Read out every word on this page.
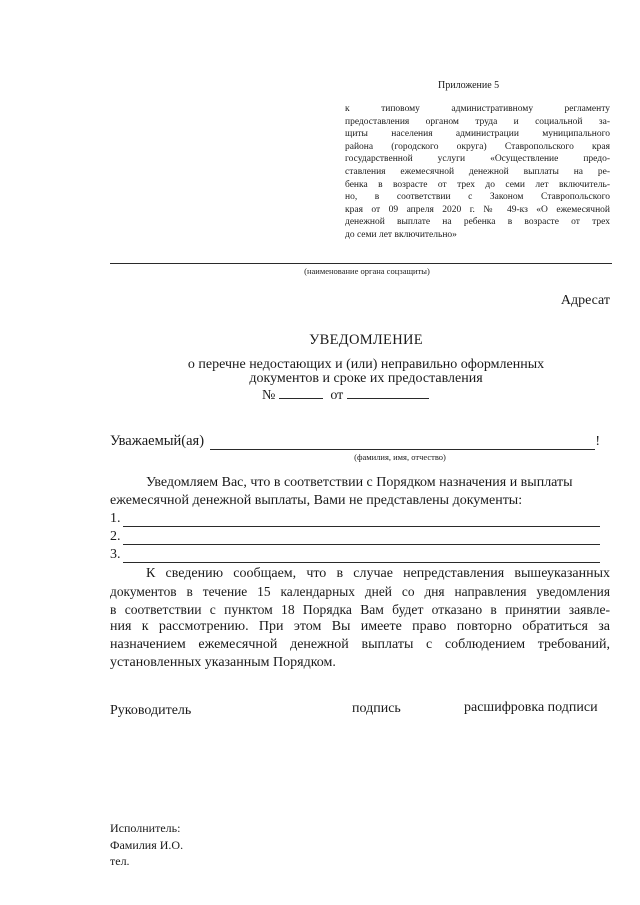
Приложение 5
к типовому административному регламенту
предоставления органом труда и социальной за-
щиты населения администрации муниципального
района (городского округа) Ставропольского края
государственной услуги «Осуществление предо-
ставления ежемесячной денежной выплаты на ре-
бенка в возрасте от трех до семи лет включитель-
но, в соответствии с Законом Ставропольского
края от 09 апреля 2020 г. № 49-кз «О ежемесячной
денежной выплате на ребенка в возрасте от трех
до семи лет включительно»
(наименование органа соцзащиты)
Адресат
УВЕДОМЛЕНИЕ
о перечне недостающих и (или) неправильно оформленных
документов и сроке их предоставления
№	от
Уважаемый(ая)	!
(фамилия, имя, отчество)
Уведомляем Вас, что в соответствии с Порядком назначения и выплаты
ежемесячной денежной выплаты, Вами не представлены документы:
1.
2.
3.
К сведению сообщаем, что в случае непредставления вышеуказанных
документов в течение 15 календарных дней со дня направления уведомления
в соответствии с пунктом 18 Порядка Вам будет отказано в принятии заявле-
ния к рассмотрению. При этом Вы имеете право повторно обратиться за
назначением ежемесячной денежной выплаты с соблюдением требований,
установленных указанным Порядком.
Руководитель	подпись	расшифровка подписи
Исполнитель:
Фамилия И.О.
тел.
